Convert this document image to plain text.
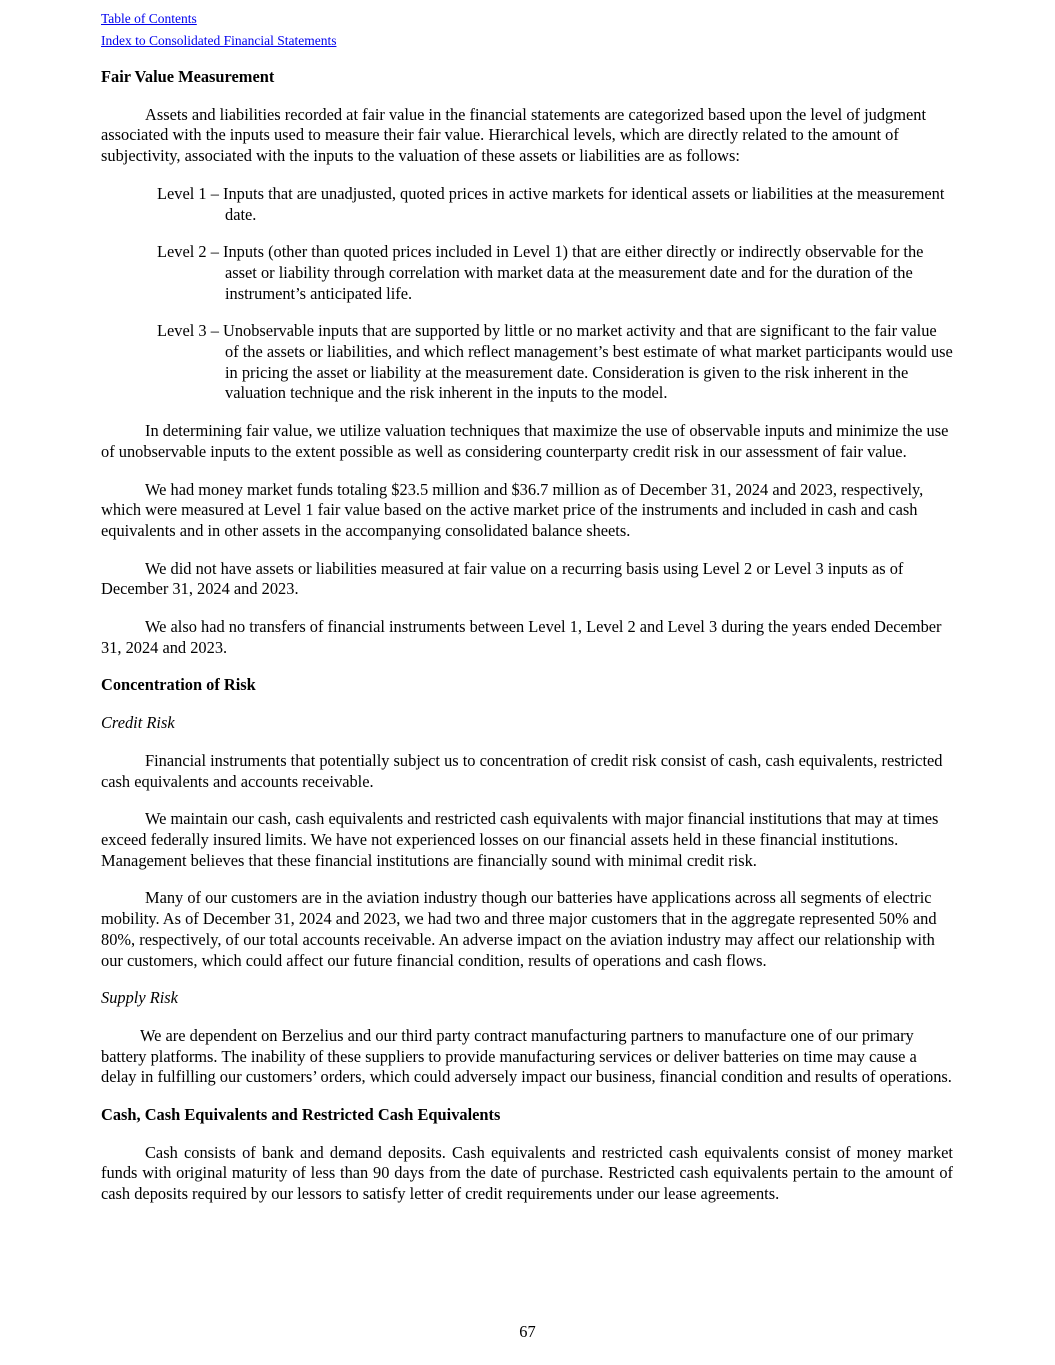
Table of Contents
Index to Consolidated Financial Statements
Fair Value Measurement

Assets and liabilities recorded at fair value in the financial statements are categorized based upon the level of judgment associated with the inputs used to measure their fair value. Hierarchical levels, which are directly related to the amount of subjectivity, associated with the inputs to the valuation of these assets or liabilities are as follows:

Level 1 – Inputs that are unadjusted, quoted prices in active markets for identical assets or liabilities at the measurement date.

Level 2 – Inputs (other than quoted prices included in Level 1) that are either directly or indirectly observable for the asset or liability through correlation with market data at the measurement date and for the duration of the instrument’s anticipated life.

Level 3 – Unobservable inputs that are supported by little or no market activity and that are significant to the fair value of the assets or liabilities, and which reflect management’s best estimate of what market participants would use in pricing the asset or liability at the measurement date. Consideration is given to the risk inherent in the valuation technique and the risk inherent in the inputs to the model.

In determining fair value, we utilize valuation techniques that maximize the use of observable inputs and minimize the use of unobservable inputs to the extent possible as well as considering counterparty credit risk in our assessment of fair value.

We had money market funds totaling $23.5 million and $36.7 million as of December 31, 2024 and 2023, respectively, which were measured at Level 1 fair value based on the active market price of the instruments and included in cash and cash equivalents and in other assets in the accompanying consolidated balance sheets.

We did not have assets or liabilities measured at fair value on a recurring basis using Level 2 or Level 3 inputs as of December 31, 2024 and 2023.

We also had no transfers of financial instruments between Level 1, Level 2 and Level 3 during the years ended December 31, 2024 and 2023.

Concentration of Risk

Credit Risk

Financial instruments that potentially subject us to concentration of credit risk consist of cash, cash equivalents, restricted cash equivalents and accounts receivable.

We maintain our cash, cash equivalents and restricted cash equivalents with major financial institutions that may at times exceed federally insured limits. We have not experienced losses on our financial assets held in these financial institutions. Management believes that these financial institutions are financially sound with minimal credit risk.

Many of our customers are in the aviation industry though our batteries have applications across all segments of electric mobility. As of December 31, 2024 and 2023, we had two and three major customers that in the aggregate represented 50% and 80%, respectively, of our total accounts receivable. An adverse impact on the aviation industry may affect our relationship with our customers, which could affect our future financial condition, results of operations and cash flows.

Supply Risk

We are dependent on Berzelius and our third party contract manufacturing partners to manufacture one of our primary battery platforms. The inability of these suppliers to provide manufacturing services or deliver batteries on time may cause a delay in fulfilling our customers’ orders, which could adversely impact our business, financial condition and results of operations.

Cash, Cash Equivalents and Restricted Cash Equivalents

Cash consists of bank and demand deposits. Cash equivalents and restricted cash equivalents consist of money market funds with original maturity of less than 90 days from the date of purchase. Restricted cash equivalents pertain to the amount of cash deposits required by our lessors to satisfy letter of credit requirements under our lease agreements.

67
